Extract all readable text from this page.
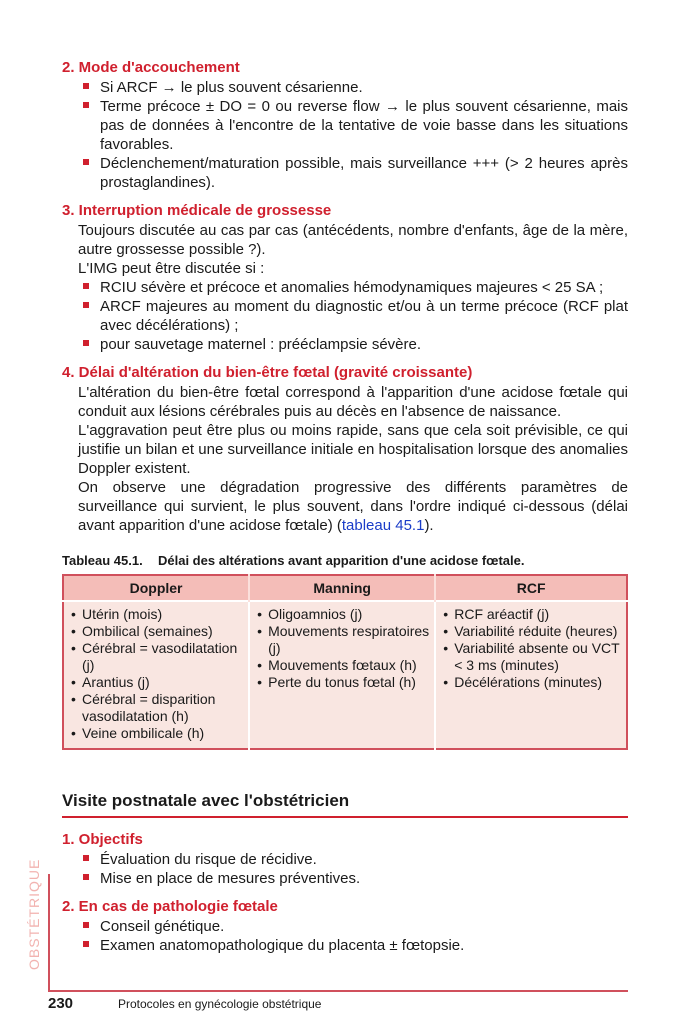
2. Mode d'accouchement

Si ARCF → le plus souvent césarienne.
Terme précoce ± DO = 0 ou reverse flow → le plus souvent césarienne, mais pas de données à l'encontre de la tentative de voie basse dans les situations favorables.
Déclenchement/maturation possible, mais surveillance +++ (> 2 heures après prostaglandines).

3. Interruption médicale de grossesse

Toujours discutée au cas par cas (antécédents, nombre d'enfants, âge de la mère, autre grossesse possible ?).

L'IMG peut être discutée si :

RCIU sévère et précoce et anomalies hémodynamiques majeures < 25 SA ;
ARCF majeures au moment du diagnostic et/ou à un terme précoce (RCF plat avec décélérations) ;
pour sauvetage maternel : prééclampsie sévère.

4. Délai d'altération du bien-être fœtal (gravité croissante)

L'altération du bien-être fœtal correspond à l'apparition d'une acidose fœtale qui conduit aux lésions cérébrales puis au décès en l'absence de naissance.

L'aggravation peut être plus ou moins rapide, sans que cela soit prévisible, ce qui justifie un bilan et une surveillance initiale en hospitalisation lorsque des anomalies Doppler existent.

On observe une dégradation progressive des différents paramètres de surveillance qui survient, le plus souvent, dans l'ordre indiqué ci-dessous (délai avant apparition d'une acidose fœtale) (tableau 45.1).

Tableau 45.1. Délai des altérations avant apparition d'une acidose fœtale.
Doppler	Manning	RCF

• Utérin (mois)
• Ombilical (semaines)
• Cérébral = vasodilatation (j)
• Arantius (j)
• Cérébral = disparition vasodilatation (h)
• Veine ombilicale (h)

• Oligoamnios (j)
• Mouvements respiratoires (j)
• Mouvements fœtaux (h)
• Perte du tonus fœtal (h)

• RCF aréactif (j)
• Variabilité réduite (heures)
• Variabilité absente ou VCT < 3 ms (minutes)
• Décélérations (minutes)
Visite postnatale avec l'obstétricien

1. Objectifs

Évaluation du risque de récidive.
Mise en place de mesures préventives.

2. En cas de pathologie fœtale

Conseil génétique.
Examen anatomopathologique du placenta ± fœtopsie.
OBSTÉTRIQUE
230	Protocoles en gynécologie obstétrique
